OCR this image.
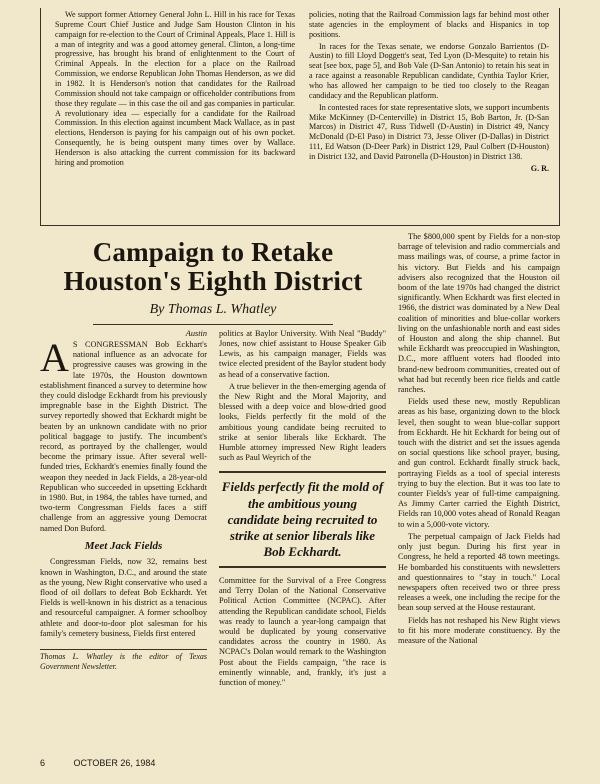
We support former Attorney General John L. Hill in his race for Texas Supreme Court Chief Justice and Judge Sam Houston Clinton in his campaign for re-election to the Court of Criminal Appeals, Place 1. Hill is a man of integrity and was a good attorney general. Clinton, a long-time progressive, has brought his brand of enlightenment to the Court of Criminal Appeals. In the election for a place on the Railroad Commission, we endorse Republican John Thomas Henderson, as we did in 1982. It is Henderson's notion that candidates for the Railroad Commission should not take campaign or officeholder contributions from those they regulate — in this case the oil and gas companies in particular. A revolutionary idea — especially for a candidate for the Railroad Commission. In this election against incumbent Mack Wallace, as in past elections, Henderson is paying for his campaign out of his own pocket. Consequently, he is being outspent many times over by Wallace. Henderson is also attacking the current commission for its backward hiring and promotion

policies, noting that the Railroad Commission lags far behind most other state agencies in the employment of blacks and Hispanics in top positions.

In races for the Texas senate, we endorse Gonzalo Barrientos (D-Austin) to fill Lloyd Doggett's seat, Ted Lyon (D-Mesquite) to retain his seat [see box, page 5], and Bob Vale (D-San Antonio) to retain his seat in a race against a reasonable Republican candidate, Cynthia Taylor Krier, who has allowed her campaign to be tied too closely to the Reagan candidacy and the Republican platform.

In contested races for state representative slots, we support incumbents Mike McKinney (D-Centerville) in District 15, Bob Barton, Jr. (D-San Marcos) in District 47, Russ Tidwell (D-Austin) in District 49, Nancy McDonald (D-El Paso) in District 73, Jesse Oliver (D-Dallas) in District 111, Ed Watson (D-Deer Park) in District 129, Paul Colbert (D-Houston) in District 132, and David Patronella (D-Houston) in District 138.

G. R.
Campaign to Retake Houston's Eighth District
By Thomas L. Whatley
Austin

A S CONGRESSMAN Bob Eckhart's national influence as an advocate for progressive causes was growing in the late 1970s, the Houston downtown establishment financed a survey to determine how they could dislodge Eckhardt from his previously impregnable base in the Eighth District. The survey reportedly showed that Eckhardt might be beaten by an unknown candidate with no prior political baggage to justify. The incumbent's record, as portrayed by the challenger, would become the primary issue. After several well-funded tries, Eckhardt's enemies finally found the weapon they needed in Jack Fields, a 28-year-old Republican who succeeded in upsetting Eckhardt in 1980. But, in 1984, the tables have turned, and two-term Congressman Fields faces a stiff challenge from an aggressive young Democrat named Don Buford.

Meet Jack Fields

Congressman Fields, now 32, remains best known in Washington, D.C., and around the state as the young, New Right conservative who used a flood of oil dollars to defeat Bob Eckhardt. Yet Fields is well-known in his district as a tenacious and resourceful campaigner. A former schoolboy athlete and door-to-door plot salesman for his family's cemetery business, Fields first entered

Thomas L. Whatley is the editor of Texas Government Newsletter.

politics at Baylor University. With Neal "Buddy" Jones, now chief assistant to House Speaker Gib Lewis, as his campaign manager, Fields was twice elected president of the Baylor student body as head of a conservative faction.

A true believer in the then-emerging agenda of the New Right and the Moral Majority, and blessed with a deep voice and blow-dried good looks, Fields perfectly fit the mold of the ambitious young candidate being recruited to strike at senior liberals like Eckhardt. The Humble attorney impressed New Right leaders such as Paul Weyrich of the

Fields perfectly fit the mold of the ambitious young candidate being recruited to strike at senior liberals like Bob Eckhardt.

Committee for the Survival of a Free Congress and Terry Dolan of the National Conservative Political Action Committee (NCPAC). After attending the Republican candidate school, Fields was ready to launch a year-long campaign that would be duplicated by young conservative candidates across the country in 1980. As NCPAC's Dolan would remark to the Washington Post about the Fields campaign, "the race is eminently winnable, and, frankly, it's just a function of money."

The $800,000 spent by Fields for a non-stop barrage of television and radio commercials and mass mailings was, of course, a prime factor in his victory. But Fields and his campaign advisers also recognized that the Houston oil boom of the late 1970s had changed the district significantly. When Eckhardt was first elected in 1966, the district was dominated by a New Deal coalition of minorities and blue-collar workers living on the unfashionable north and east sides of Houston and along the ship channel. But while Eckhardt was preoccupied in Washington, D.C., more affluent voters had flooded into brand-new bedroom communities, created out of what had but recently been rice fields and cattle ranches.

Fields used these new, mostly Republican areas as his base, organizing down to the block level, then sought to wean blue-collar support from Eckhardt. He hit Eckhardt for being out of touch with the district and set the issues agenda on social questions like school prayer, busing, and gun control. Eckhardt finally struck back, portraying Fields as a tool of special interests trying to buy the election. But it was too late to counter Fields's year of full-time campaigning. As Jimmy Carter carried the Eighth District, Fields ran 10,000 votes ahead of Ronald Reagan to win a 5,000-vote victory.

The perpetual campaign of Jack Fields had only just begun. During his first year in Congress, he held a reported 48 town meetings. He bombarded his constituents with newsletters and questionnaires to "stay in touch." Local newspapers often received two or three press releases a week, one including the recipe for the bean soup served at the House restaurant.

Fields has not reshaped his New Right views to fit his more moderate constituency. By the measure of the National

6	OCTOBER 26, 1984
